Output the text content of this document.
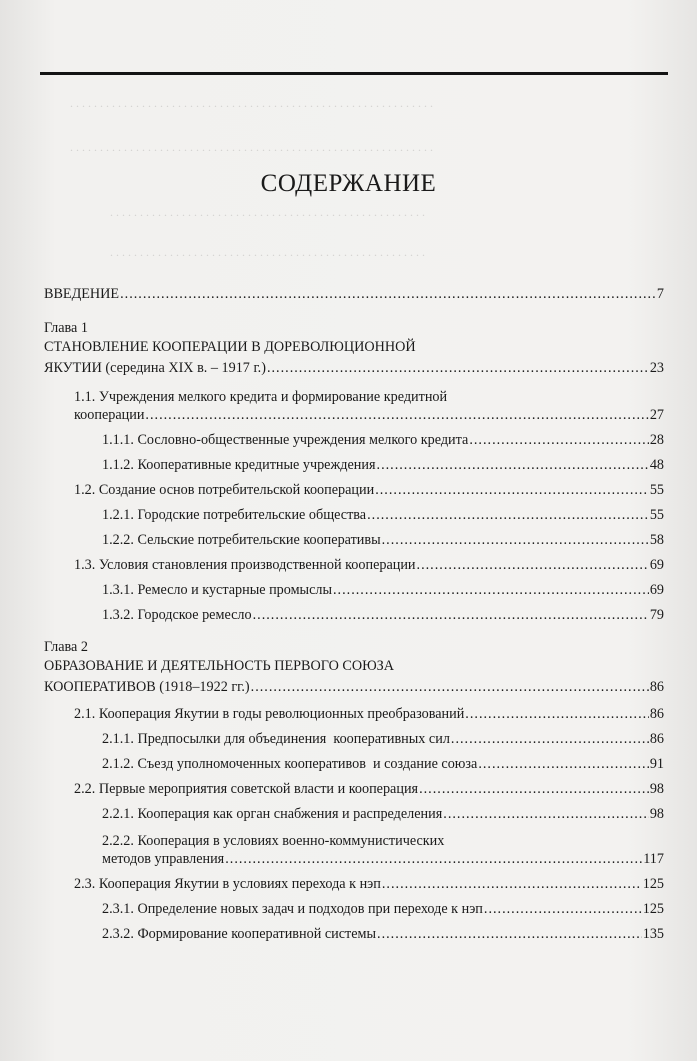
. . . . . . . . . . . . . . . . . . . . . . . . . . . . . . . . . . . . . . . . . . . . . . . . . . . . . . . . . . . . .
. . . . . . . . . . . . . . . . . . . . . . . . . . . . . . . . . . . . . . . . . . . . . . . . . . . . . . . . . . . . .
. . . . . . . . . . . . . . . . . . . . . . . . . . . . . . . . . . . . . . . . . . . . . . . . . . . . .
. . . . . . . . . . . . . . . . . . . . . . . . . . . . . . . . . . . . . . . . . . . . . . . . . . . . .
СОДЕРЖАНИЕ
ВВЕДЕНИЕ .....	7
Глава 1
СТАНОВЛЕНИЕ КООПЕРАЦИИ В ДОРЕВОЛЮЦИОННОЙ
ЯКУТИИ (середина XIX в. – 1917 г.) .....	23
1.1. Учреждения мелкого кредита и формирование кредитной
кооперации .....	27
1.1.1. Сословно-общественные учреждения мелкого кредита .....	28
1.1.2. Кооперативные кредитные учреждения .....	48
1.2. Создание основ потребительской кооперации .....	55
1.2.1. Городские потребительские общества .....	55
1.2.2. Сельские потребительские кооперативы .....	58
1.3. Условия становления производственной кооперации .....	69
1.3.1. Ремесло и кустарные промыслы .....	69
1.3.2. Городское ремесло .....	79
Глава 2
ОБРАЗОВАНИЕ И ДЕЯТЕЛЬНОСТЬ ПЕРВОГО СОЮЗА
КООПЕРАТИВОВ (1918–1922 гг.) .....	86
2.1. Кооперация Якутии в годы революционных преобразований .....	86
2.1.1. Предпосылки для объединения  кооперативных сил .....	86
2.1.2. Съезд уполномоченных кооперативов  и создание союза .....	91
2.2. Первые мероприятия советской власти и кооперация .....	98
2.2.1. Кооперация как орган снабжения и распределения .....	98
2.2.2. Кооперация в условиях военно-коммунистических
методов управления .....	117
2.3. Кооперация Якутии в условиях перехода к нэп .....	125
2.3.1. Определение новых задач и подходов при переходе к нэп .....	125
2.3.2. Формирование кооперативной системы .....	135
